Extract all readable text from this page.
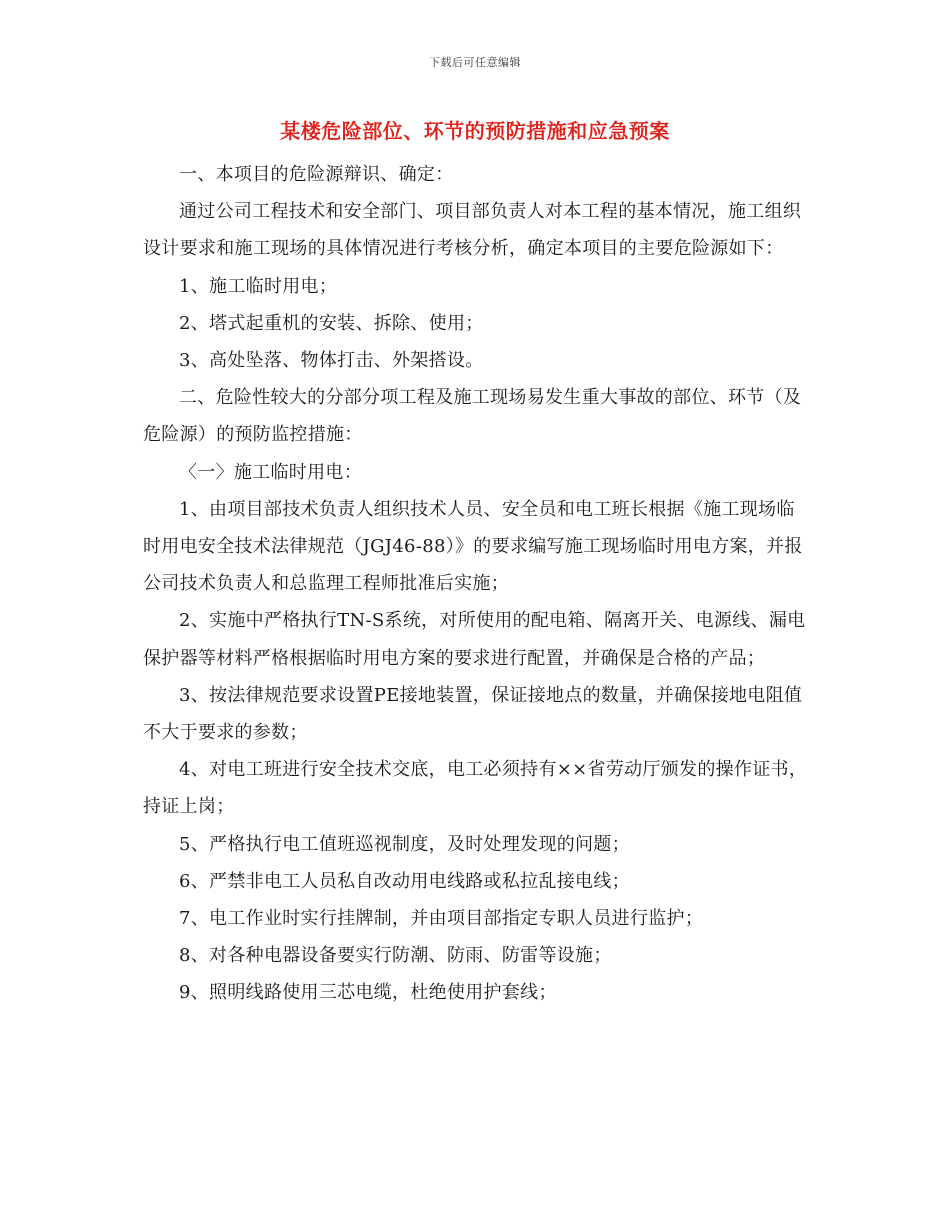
下载后可任意编辑
某楼危险部位、环节的预防措施和应急预案

一、本项目的危险源辩识、确定：

通过公司工程技术和安全部门、项目部负责人对本工程的基本情况，施工组织设计要求和施工现场的具体情况进行考核分析，确定本项目的主要危险源如下：

1、施工临时用电；

2、塔式起重机的安装、拆除、使用；

3、高处坠落、物体打击、外架搭设。

二、危险性较大的分部分项工程及施工现场易发生重大事故的部位、环节（及危险源）的预防监控措施：

〈一〉施工临时用电：

1、由项目部技术负责人组织技术人员、安全员和电工班长根据《施工现场临时用电安全技术法律规范（JGJ46-88）》的要求编写施工现场临时用电方案，并报公司技术负责人和总监理工程师批准后实施；

2、实施中严格执行TN-S系统，对所使用的配电箱、隔离开关、电源线、漏电保护器等材料严格根据临时用电方案的要求进行配置，并确保是合格的产品；

3、按法律规范要求设置PE接地装置，保证接地点的数量，并确保接地电阻值不大于要求的参数；

4、对电工班进行安全技术交底，电工必须持有××省劳动厅颁发的操作证书，持证上岗；

5、严格执行电工值班巡视制度，及时处理发现的问题；

6、严禁非电工人员私自改动用电线路或私拉乱接电线；

7、电工作业时实行挂牌制，并由项目部指定专职人员进行监护；

8、对各种电器设备要实行防潮、防雨、防雷等设施；

9、照明线路使用三芯电缆，杜绝使用护套线；
